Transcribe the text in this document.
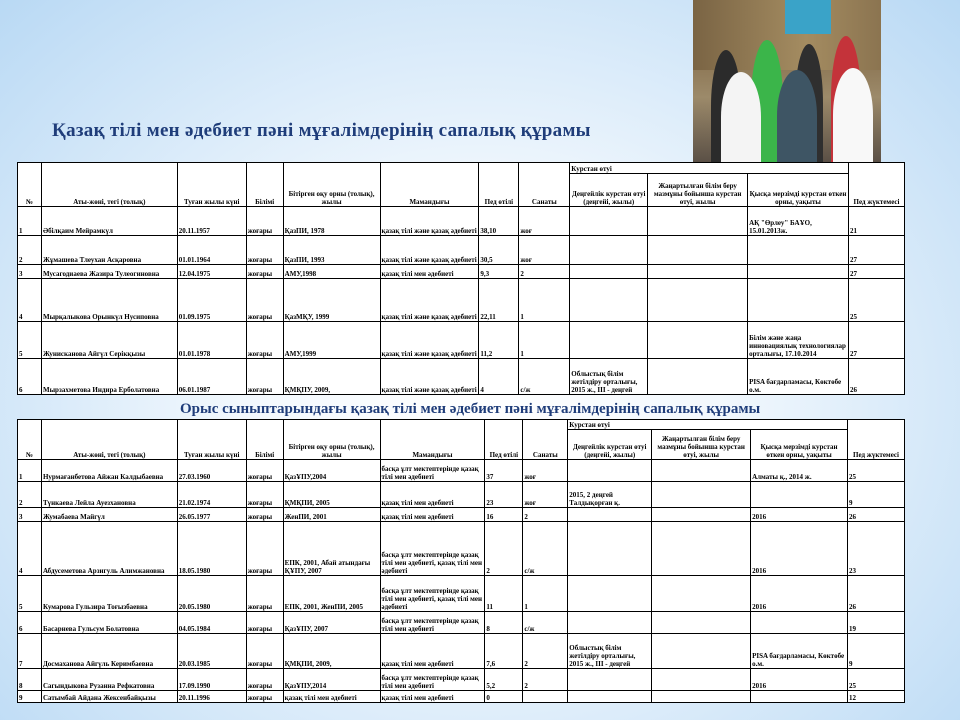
Қазақ тілі мен әдебиет пәні мұғалімдерінің сапалық құрамы
№	Аты-жөні, тегі (толық)	Туған жылы күні	Білімі	Бітірген оқу орны (толық), жылы	Мамандығы	Пед өтілі	Санаты	Курстан өтуі			Пед жүктемесі
								Деңгейлік курстан өтуі (деңгейі, жылы)	Жаңартылған білім беру мазмұны бойынша курстан өтуі, жылы	Қысқа мерзімді курстан өткен орны, уақыты	
1	Әбілқаим Мейрамкүл	20.11.1957	жоғары	ҚазПИ, 1978	қазақ тілі және қазақ әдебиеті	38,10	жоғ			АҚ "Өрлеу" БАҰО, 15.01.2013ж.	21
2	Жұмашева Тлеухан Асқаровна	01.01.1964	жоғары	ҚазПИ, 1993	қазақ тілі және қазақ әдебиеті	30,5	жоғ				27
3	Мусагодиаева Жазира Тулеогиновна	12.04.1975	жоғары	АМУ,1998	қазақ тілі мен әдебиеті	9,3	2				27
4	Мырқалыкова Орынкүл Нусиповна	01.09.1975	жоғары	ҚазМҚУ, 1999	қазақ тілі және қазақ әдебиеті	22,11	1				25
5	Жунисканова Айгүл Серікқызы	01.01.1978	жоғары	АМУ,1999	қазақ тілі және қазақ әдебиеті	11,2	1			Білім және жаңа инновациялық технологиялар орталығы, 17.10.2014	27
6	Мырзахметова Индира Ерболатовна	06.01.1987	жоғары	ҚМҚПУ, 2009,	қазақ тілі және қазақ әдебиеті	4	с/ж	Облыстық білім жетілдіру орталығы, 2015 ж., ІІІ - деңгей		PISA бағдарламасы, Көктөбе о.м.	26
Орыс сыныптарындағы қазақ тілі мен әдебиет пәні мұғалімдерінің сапалық құрамы
№	Аты-жөні, тегі (толық)	Туған жылы күні	Білімі	Бітірген оқу орны (толық), жылы	Мамандығы	Пед өтілі	Санаты	Курстан өтуі			Пед жүктемесі
								Деңгейлік курстан өтуі (деңгейі, жылы)	Жаңартылған білім беру мазмұны бойынша курстан өтуі, жылы	Қысқа мерзімді курстан өткен орны, уақыты	
1	Нурмағанбетова Айжан Калдыбаевна	27.03.1960	жоғары	ҚазҰПУ,2004	басқа ұлт мектептерінде қазақ тілі мен әдебиеті	37	жоғ			Алматы қ., 2014 ж.	25
2	Түнкаева Лейла Ауезхановна	21.02.1974	жоғары	ҚМҚПИ, 2005	қазақ тілі мен әдебиеті	23	жоғ	2015, 2 деңгей Талдықорған қ.			9
3	Жумабаева Майгүл	26.05.1977	жоғары	ЖенПИ, 2001	қазақ тілі мен әдебиеті	16	2			2016	26
4	Абдусеметова Арзигуль Алимжановна	18.05.1980	жоғары	ЕПК, 2001, Абай атындағы ҚҰПУ, 2007	басқа ұлт мектептерінде қазақ тілі мен әдебиеті, қазақ тілі мен әдебиеті	2	с/ж			2016	23
5	Кумарова Гульзира Тоғызбаевна	20.05.1980	жоғары	ЕПК, 2001, ЖенПИ, 2005	басқа ұлт мектептерінде қазақ тілі мен әдебиеті, қазақ тілі мен әдебиеті	11	1			2016	26
6	Басарнева Гульсум Болатовна	04.05.1984	жоғары	ҚазҰПУ, 2007	басқа ұлт мектептерінде қазақ тілі мен әдебиеті	8	с/ж				19
7	Досмаханова Айгүль Керимбаевна	20.03.1985	жоғары	ҚМҚПИ, 2009,	қазақ тілі мен әдебиеті	7,6	2	Облыстық білім жетілдіру орталығы, 2015 ж., ІІІ - деңгей		PISA бағдарламасы, Көктөбе о.м.	9
8	Сагындыкова Рузанна Рефкатовна	17.09.1990	жоғары	ҚазҰПУ,2014	басқа ұлт мектептерінде қазақ тілі мен әдебиеті	5,2	2			2016	25
9	Сатымбай Айдана Жексенбайқызы	20.11.1996	жоғары	қазақ тілі мен әдебиеті	қазақ тілі мен әдебиеті	0					12
